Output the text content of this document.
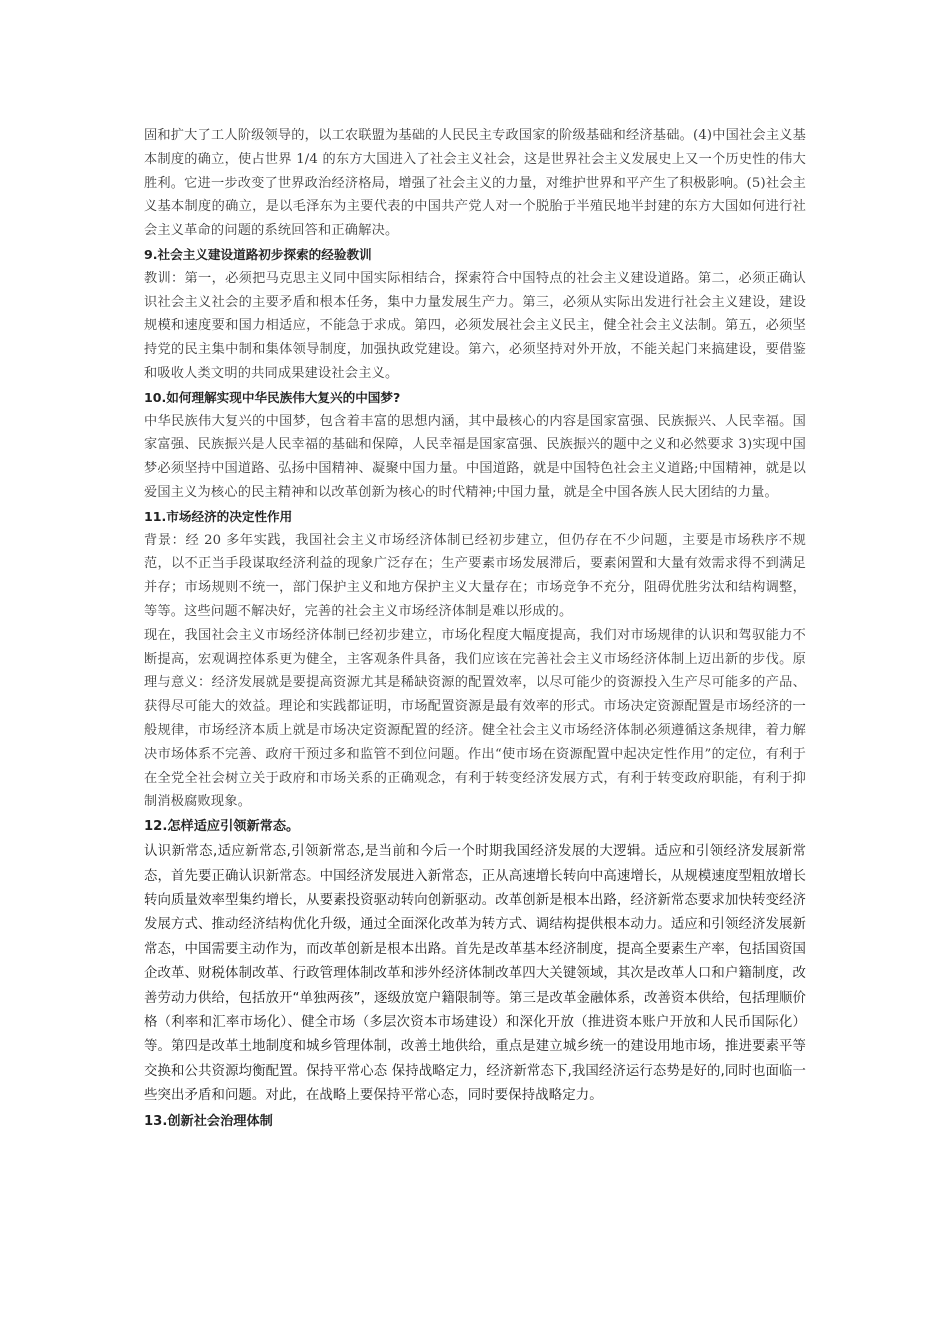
固和扩大了工人阶级领导的，以工农联盟为基础的人民民主专政国家的阶级基础和经济基础。(4)中国社会主义基本制度的确立，使占世界 1/4 的东方大国进入了社会主义社会，这是世界社会主义发展史上又一个历史性的伟大胜利。它进一步改变了世界政治经济格局，增强了社会主义的力量，对维护世界和平产生了积极影响。(5)社会主义基本制度的确立，是以毛泽东为主要代表的中国共产党人对一个脱胎于半殖民地半封建的东方大国如何进行社会主义革命的问题的系统回答和正确解决。

9.社会主义建设道路初步探索的经验教训

教训：第一，必须把马克思主义同中国实际相结合，探索符合中国特点的社会主义建设道路。第二，必须正确认识社会主义社会的主要矛盾和根本任务，集中力量发展生产力。第三，必须从实际出发进行社会主义建设，建设规模和速度要和国力相适应，不能急于求成。第四，必须发展社会主义民主，健全社会主义法制。第五，必须坚持党的民主集中制和集体领导制度，加强执政党建设。第六，必须坚持对外开放，不能关起门来搞建设，要借鉴和吸收人类文明的共同成果建设社会主义。

10.如何理解实现中华民族伟大复兴的中国梦?

中华民族伟大复兴的中国梦，包含着丰富的思想内涵，其中最核心的内容是国家富强、民族振兴、人民幸福。国家富强、民族振兴是人民幸福的基础和保障，人民幸福是国家富强、民族振兴的题中之义和必然要求 3)实现中国梦必须坚持中国道路、弘扬中国精神、凝聚中国力量。中国道路，就是中国特色社会主义道路;中国精神，就是以爱国主义为核心的民主精神和以改革创新为核心的时代精神;中国力量，就是全中国各族人民大团结的力量。

11.市场经济的决定性作用

背景：经 20 多年实践，我国社会主义市场经济体制已经初步建立，但仍存在不少问题，主要是市场秩序不规范，以不正当手段谋取经济利益的现象广泛存在；生产要素市场发展滞后，要素闲置和大量有效需求得不到满足并存；市场规则不统一，部门保护主义和地方保护主义大量存在；市场竞争不充分，阻碍优胜劣汰和结构调整，等等。这些问题不解决好，完善的社会主义市场经济体制是难以形成的。

现在，我国社会主义市场经济体制已经初步建立，市场化程度大幅度提高，我们对市场规律的认识和驾驭能力不断提高，宏观调控体系更为健全，主客观条件具备，我们应该在完善社会主义市场经济体制上迈出新的步伐。原理与意义：经济发展就是要提高资源尤其是稀缺资源的配置效率，以尽可能少的资源投入生产尽可能多的产品、获得尽可能大的效益。理论和实践都证明，市场配置资源是最有效率的形式。市场决定资源配置是市场经济的一般规律，市场经济本质上就是市场决定资源配置的经济。健全社会主义市场经济体制必须遵循这条规律，着力解决市场体系不完善、政府干预过多和监管不到位问题。作出“使市场在资源配置中起决定性作用”的定位，有利于在全党全社会树立关于政府和市场关系的正确观念，有利于转变经济发展方式，有利于转变政府职能，有利于抑制消极腐败现象。

12.怎样适应引领新常态。

认识新常态,适应新常态,引领新常态,是当前和今后一个时期我国经济发展的大逻辑。适应和引领经济发展新常态，首先要正确认识新常态。中国经济发展进入新常态，正从高速增长转向中高速增长，从规模速度型粗放增长转向质量效率型集约增长，从要素投资驱动转向创新驱动。改革创新是根本出路，经济新常态要求加快转变经济发展方式、推动经济结构优化升级，通过全面深化改革为转方式、调结构提供根本动力。适应和引领经济发展新常态，中国需要主动作为，而改革创新是根本出路。首先是改革基本经济制度，提高全要素生产率，包括国资国企改革、财税体制改革、行政管理体制改革和涉外经济体制改革四大关键领域，其次是改革人口和户籍制度，改善劳动力供给，包括放开“单独两孩”，逐级放宽户籍限制等。第三是改革金融体系，改善资本供给，包括理顺价格（利率和汇率市场化）、健全市场（多层次资本市场建设）和深化开放（推进资本账户开放和人民币国际化）等。第四是改革土地制度和城乡管理体制，改善土地供给，重点是建立城乡统一的建设用地市场，推进要素平等交换和公共资源均衡配置。保持平常心态 保持战略定力，经济新常态下,我国经济运行态势是好的,同时也面临一些突出矛盾和问题。对此，在战略上要保持平常心态，同时要保持战略定力。

13.创新社会治理体制
